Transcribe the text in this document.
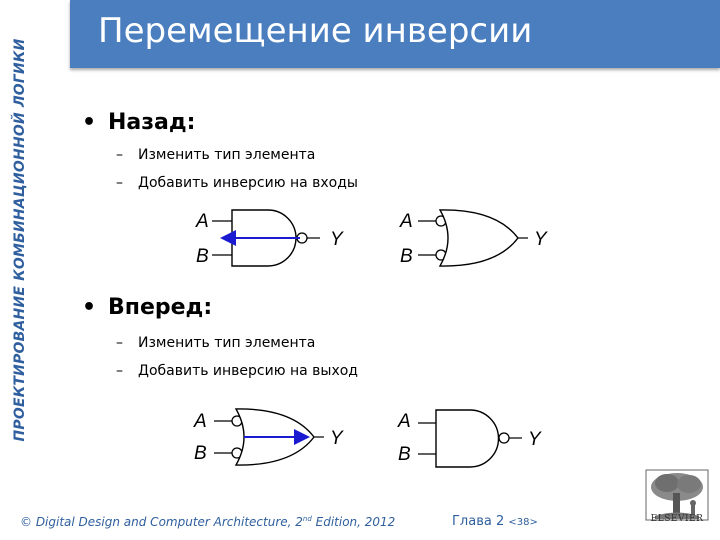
ПРОЕКТИРОВАНИЕ КОМБИНАЦИОННОЙ ЛОГИКИ
Перемещение инверсии
• Назад:
– Изменить тип элемента
– Добавить инверсию на входы
A
B
Y
A
B
Y
• Вперед:
– Изменить тип элемента
– Добавить инверсию на выход
A
B
Y
A
B
Y
© Digital Design and Computer Architecture, 2nd Edition, 2012	Глава 2 <38>	ELSEVIER
